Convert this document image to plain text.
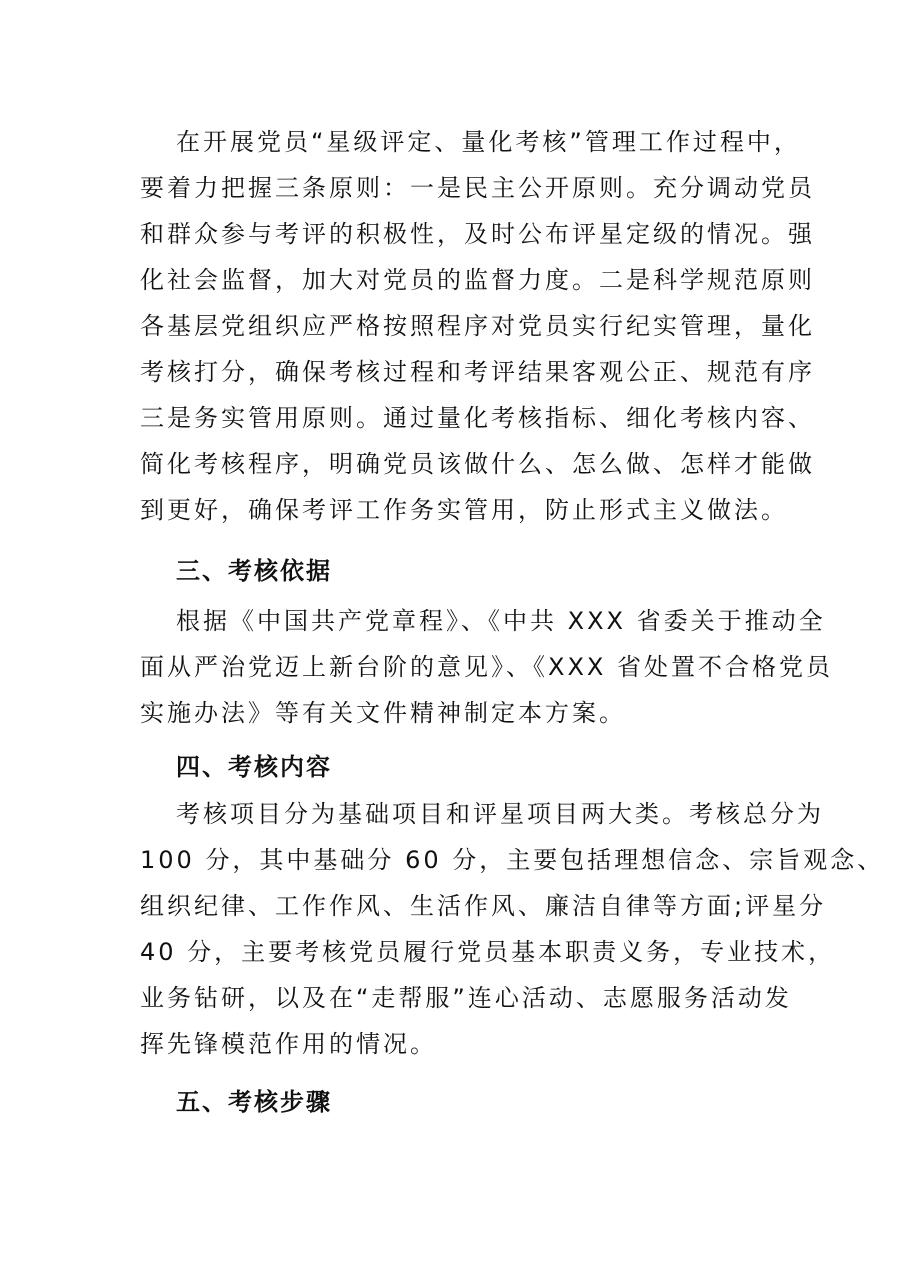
在开展党员“星级评定、量化考核”管理工作过程中，

要着力把握三条原则：一是民主公开原则。充分调动党员

和群众参与考评的积极性，及时公布评星定级的情况。强

化社会监督，加大对党员的监督力度。二是科学规范原则

各基层党组织应严格按照程序对党员实行纪实管理，量化

考核打分，确保考核过程和考评结果客观公正、规范有序

三是务实管用原则。通过量化考核指标、细化考核内容、

简化考核程序，明确党员该做什么、怎么做、怎样才能做

到更好，确保考评工作务实管用，防止形式主义做法。

三、考核依据

根据《中国共产党章程》、《中共 XXX 省委关于推动全

面从严治党迈上新台阶的意见》、《XXX 省处置不合格党员

实施办法》等有关文件精神制定本方案。

四、考核内容

考核项目分为基础项目和评星项目两大类。考核总分为

100 分，其中基础分 60 分，主要包括理想信念、宗旨观念、

组织纪律、工作作风、生活作风、廉洁自律等方面;评星分

40 分，主要考核党员履行党员基本职责义务，专业技术，

业务钻研，以及在“走帮服”连心活动、志愿服务活动发

挥先锋模范作用的情况。

五、考核步骤
